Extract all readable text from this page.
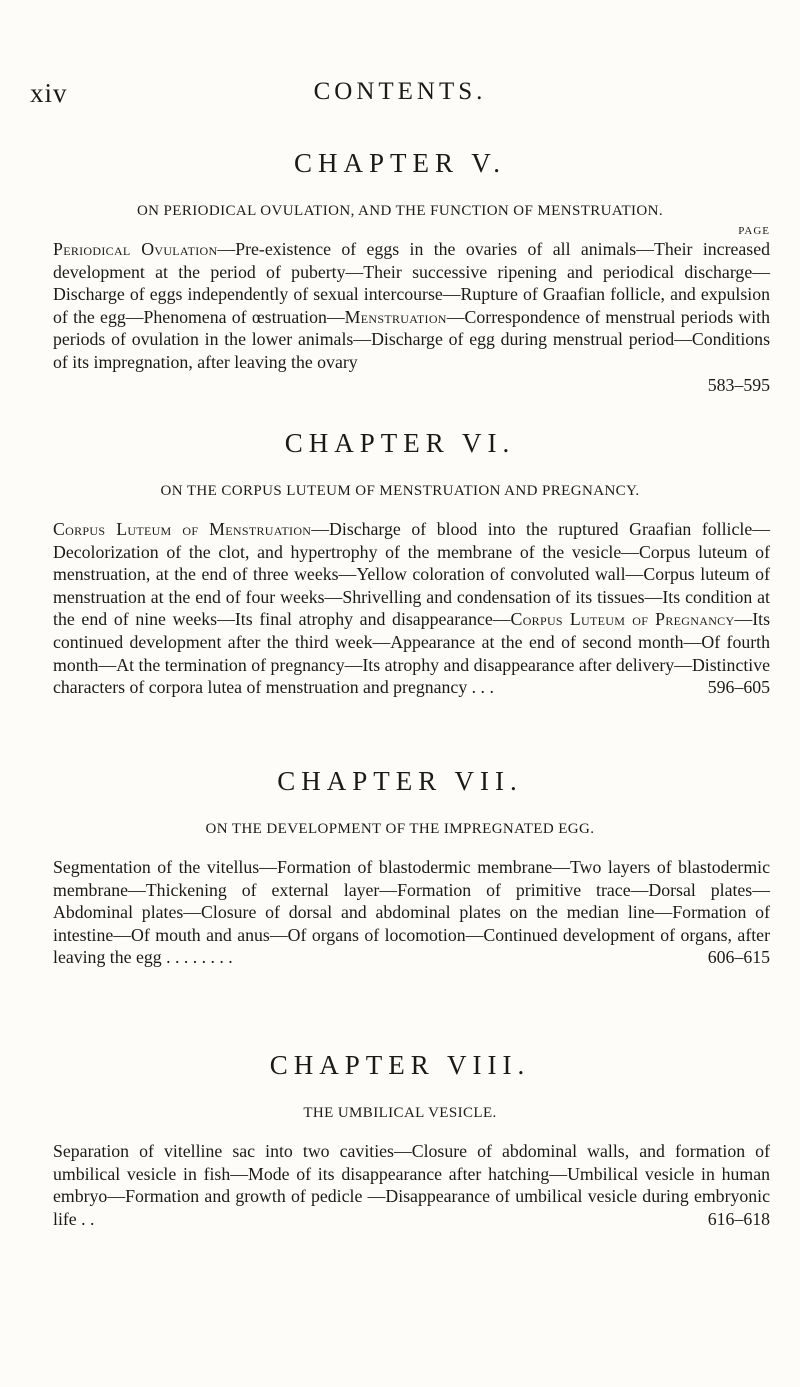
xiv	CONTENTS.
CHAPTER V.
ON PERIODICAL OVULATION, AND THE FUNCTION OF MENSTRUATION.
PAGE
Periodical Ovulation—Pre-existence of eggs in the ovaries of all animals—Their increased development at the period of puberty—Their successive ripening and periodical discharge—Discharge of eggs independently of sexual intercourse—Rupture of Graafian follicle, and expulsion of the egg—Phenomena of œstruation—Menstruation—Correspondence of menstrual periods with periods of ovulation in the lower animals—Discharge of egg during menstrual period—Conditions of its impregnation, after leaving the ovary
583–595
CHAPTER VI.
ON THE CORPUS LUTEUM OF MENSTRUATION AND PREGNANCY.
Corpus Luteum of Menstruation—Discharge of blood into the ruptured Graafian follicle—Decolorization of the clot, and hypertrophy of the membrane of the vesicle—Corpus luteum of menstruation, at the end of three weeks—Yellow coloration of convoluted wall—Corpus luteum of menstruation at the end of four weeks—Shrivelling and condensation of its tissues—Its condition at the end of nine weeks—Its final atrophy and disappearance—Corpus Luteum of Pregnancy—Its continued development after the third week—Appearance at the end of second month—Of fourth month—At the termination of pregnancy—Its atrophy and disappearance after delivery—Distinctive characters of corpora lutea of menstruation and pregnancy . . .	596–605
CHAPTER VII.
ON THE DEVELOPMENT OF THE IMPREGNATED EGG.
Segmentation of the vitellus—Formation of blastodermic membrane—Two layers of blastodermic membrane—Thickening of external layer—Formation of primitive trace—Dorsal plates—Abdominal plates—Closure of dorsal and abdominal plates on the median line—Formation of intestine—Of mouth and anus—Of organs of locomotion—Continued development of organs, after leaving the egg . . . . . . . .	606–615
CHAPTER VIII.
THE UMBILICAL VESICLE.
Separation of vitelline sac into two cavities—Closure of abdominal walls, and formation of umbilical vesicle in fish—Mode of its disappearance after hatching—Umbilical vesicle in human embryo—Formation and growth of pedicle —Disappearance of umbilical vesicle during embryonic life . .	616–618
